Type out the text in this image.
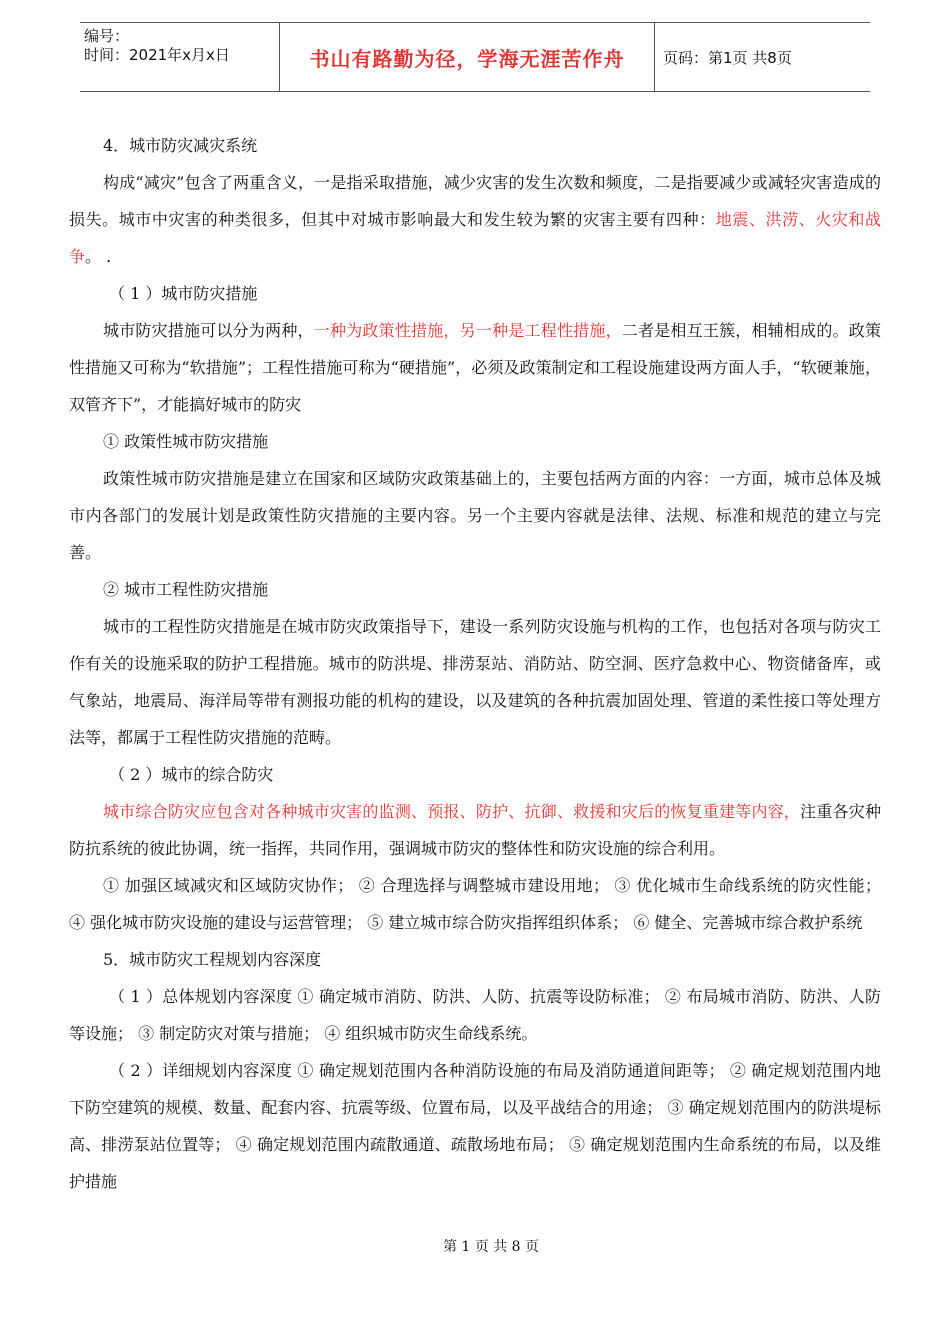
编号：
时间：2021年x月x日	书山有路勤为径，学海无涯苦作舟	页码：第1页 共8页

4．城市防灾减灾系统

构成“减灾”包含了两重含义，一是指采取措施，减少灾害的发生次数和频度，二是指要减少或减轻灾害造成的损失。城市中灾害的种类很多，但其中对城市影响最大和发生较为繁的灾害主要有四种：地震、洪涝、火灾和战争。 .

（ 1 ）城市防灾措施

城市防灾措施可以分为两种，一种为政策性措施，另一种是工程性措施，二者是相互王簇，相辅相成的。政策性措施又可称为“软措施”；工程性措施可称为“硬措施”，必须及政策制定和工程设施建设两方面人手，“软硬兼施，双管齐下”，才能搞好城市的防灾

① 政策性城市防灾措施

政策性城市防灾措施是建立在国家和区域防灾政策基础上的，主要包括两方面的内容：一方面，城市总体及城市内各部门的发展计划是政策性防灾措施的主要内容。另一个主要内容就是法律、法规、标准和规范的建立与完善。

② 城市工程性防灾措施

城市的工程性防灾措施是在城市防灾政策指导下，建设一系列防灾设施与机构的工作，也包括对各项与防灾工作有关的设施采取的防护工程措施。城市的防洪堤、排涝泵站、消防站、防空洞、医疗急救中心、物资储备库，或气象站，地震局、海洋局等带有测报功能的机构的建设，以及建筑的各种抗震加固处理、管道的柔性接口等处理方法等，都属于工程性防灾措施的范畴。

（ 2 ）城市的综合防灾

城市综合防灾应包含对各种城市灾害的监测、预报、防护、抗御、救援和灾后的恢复重建等内容，注重各灾种防抗系统的彼此协调，统一指挥，共同作用，强调城市防灾的整体性和防灾设施的综合利用。

① 加强区域减灾和区域防灾协作； ② 合理选择与调整城市建设用地； ③ 优化城市生命线系统的防灾性能； ④ 强化城市防灾设施的建设与运营管理； ⑤ 建立城市综合防灾指挥组织体系； ⑥ 健全、完善城市综合救护系统

5．城市防灾工程规划内容深度

（ 1 ）总体规划内容深度 ① 确定城市消防、防洪、人防、抗震等设防标准； ② 布局城市消防、防洪、人防等设施； ③ 制定防灾对策与措施； ④ 组织城市防灾生命线系统。

（ 2 ）详细规划内容深度 ① 确定规划范围内各种消防设施的布局及消防通道间距等； ② 确定规划范围内地下防空建筑的规模、数量、配套内容、抗震等级、位置布局，以及平战结合的用途； ③ 确定规划范围内的防洪堤标高、排涝泵站位置等； ④ 确定规划范围内疏散通道、疏散场地布局； ⑤ 确定规划范围内生命系统的布局，以及维护措施

第 1 页 共 8 页
